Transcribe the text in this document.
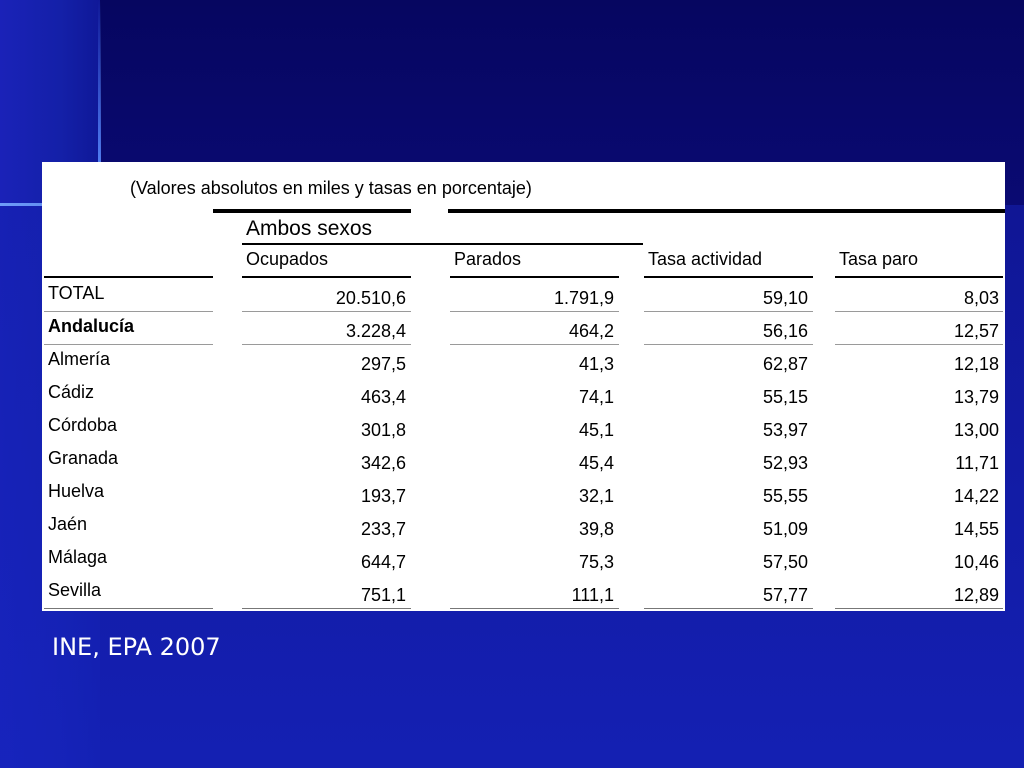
(Valores absolutos en miles y tasas en porcentaje)
Ambos sexos
Ocupados	Parados	Tasa actividad	Tasa paro
TOTAL	20.510,6	1.791,9	59,10	8,03
Andalucía	3.228,4	464,2	56,16	12,57
Almería	297,5	41,3	62,87	12,18
Cádiz	463,4	74,1	55,15	13,79
Córdoba	301,8	45,1	53,97	13,00
Granada	342,6	45,4	52,93	11,71
Huelva	193,7	32,1	55,55	14,22
Jaén	233,7	39,8	51,09	14,55
Málaga	644,7	75,3	57,50	10,46
Sevilla	751,1	111,1	57,77	12,89
INE, EPA 2007
